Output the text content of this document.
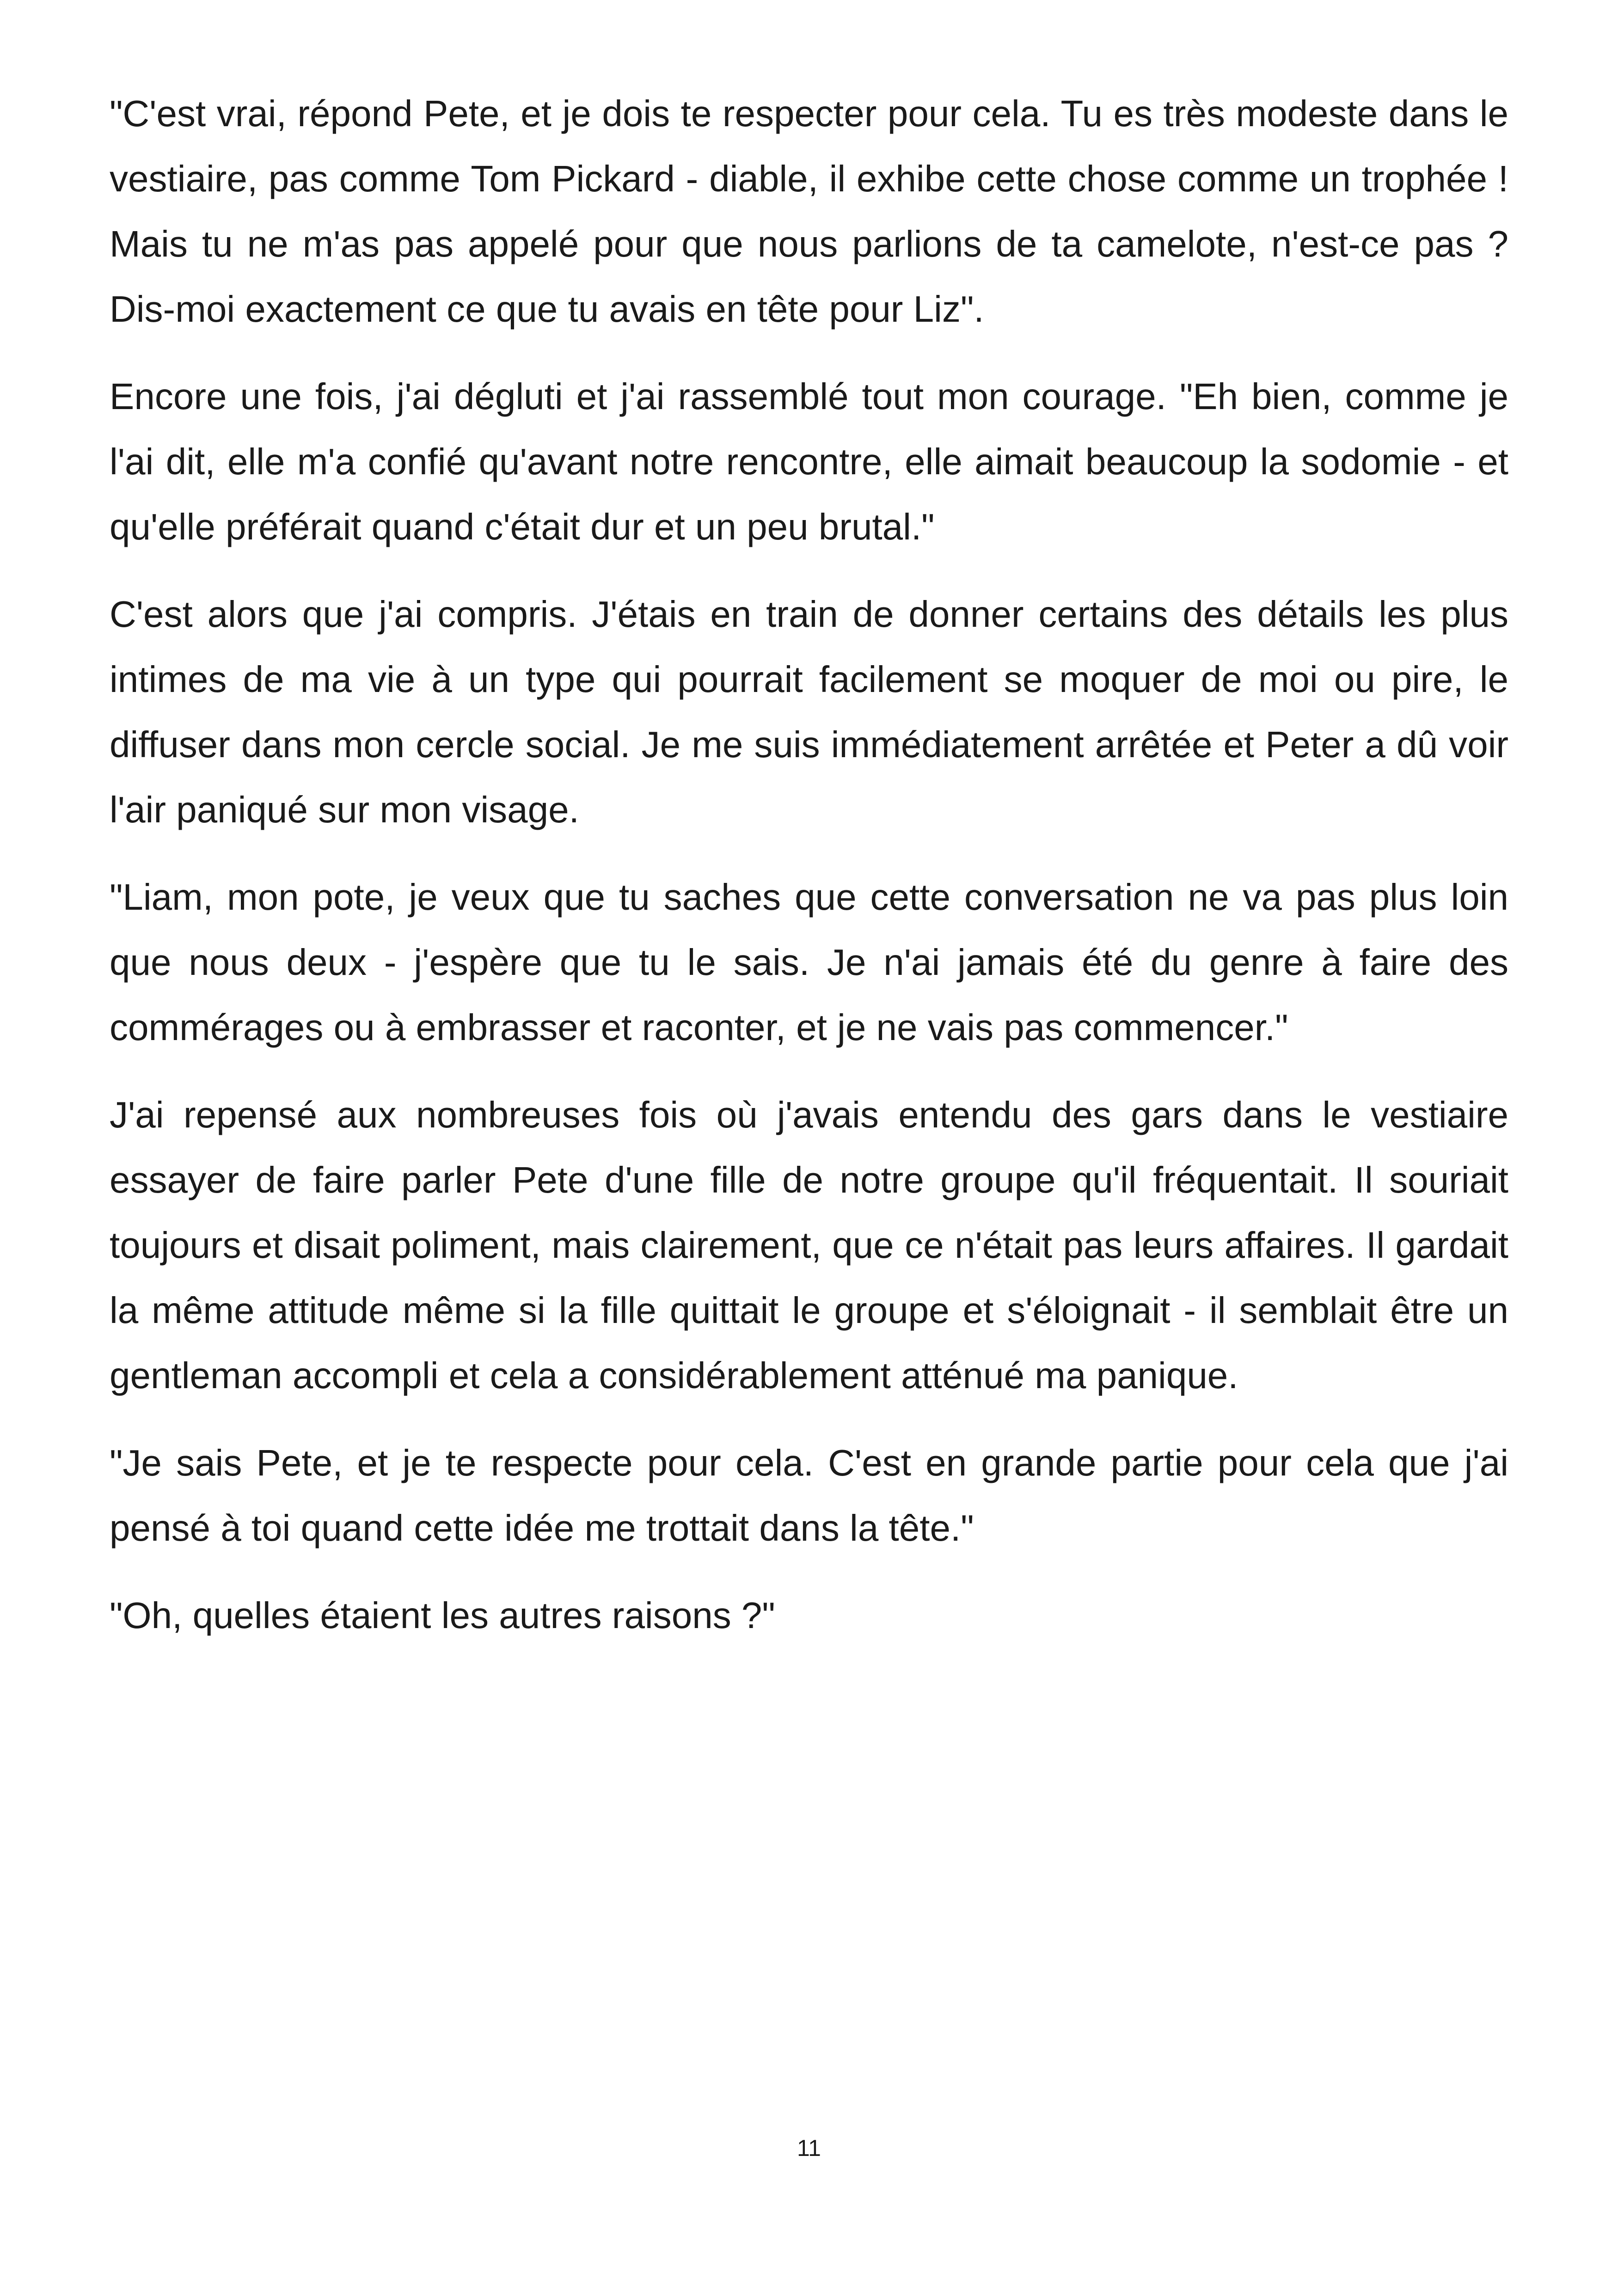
"C'est vrai, répond Pete, et je dois te respecter pour cela. Tu es très modeste dans le vestiaire, pas comme Tom Pickard - diable, il exhibe cette chose comme un trophée ! Mais tu ne m'as pas appelé pour que nous parlions de ta camelote, n'est-ce pas ? Dis-moi exactement ce que tu avais en tête pour Liz".

Encore une fois, j'ai dégluti et j'ai rassemblé tout mon courage. "Eh bien, comme je l'ai dit, elle m'a confié qu'avant notre rencontre, elle aimait beaucoup la sodomie - et qu'elle préférait quand c'était dur et un peu brutal."

C'est alors que j'ai compris. J'étais en train de donner certains des détails les plus intimes de ma vie à un type qui pourrait facilement se moquer de moi ou pire, le diffuser dans mon cercle social. Je me suis immédiatement arrêtée et Peter a dû voir l'air paniqué sur mon visage.

"Liam, mon pote, je veux que tu saches que cette conversation ne va pas plus loin que nous deux - j'espère que tu le sais. Je n'ai jamais été du genre à faire des commérages ou à embrasser et raconter, et je ne vais pas commencer."

J'ai repensé aux nombreuses fois où j'avais entendu des gars dans le vestiaire essayer de faire parler Pete d'une fille de notre groupe qu'il fréquentait. Il souriait toujours et disait poliment, mais clairement, que ce n'était pas leurs affaires. Il gardait la même attitude même si la fille quittait le groupe et s'éloignait - il semblait être un gentleman accompli et cela a considérablement atténué ma panique.

"Je sais Pete, et je te respecte pour cela. C'est en grande partie pour cela que j'ai pensé à toi quand cette idée me trottait dans la tête."

"Oh, quelles étaient les autres raisons ?"

11
